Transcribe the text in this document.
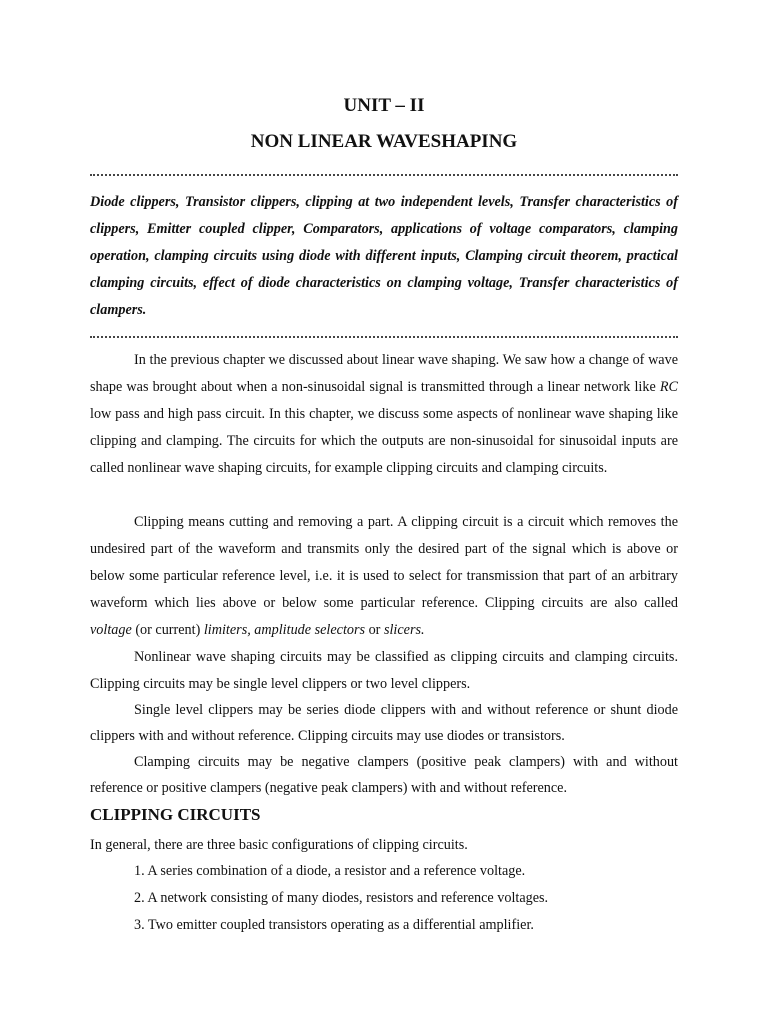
UNIT – II
NON LINEAR WAVESHAPING

Diode clippers, Transistor clippers, clipping at two independent levels, Transfer characteristics of clippers, Emitter coupled clipper, Comparators, applications of voltage comparators, clamping operation, clamping circuits using diode with different inputs, Clamping circuit theorem, practical clamping circuits, effect of diode characteristics on clamping voltage, Transfer characteristics of clampers.

In the previous chapter we discussed about linear wave shaping. We saw how a change of wave shape was brought about when a non-sinusoidal signal is transmitted through a linear network like RC low pass and high pass circuit. In this chapter, we discuss some aspects of nonlinear wave shaping like clipping and clamping. The circuits for which the outputs are non-sinusoidal for sinusoidal inputs are called nonlinear wave shaping circuits, for example clipping circuits and clamping circuits.

Clipping means cutting and removing a part. A clipping circuit is a circuit which removes the undesired part of the waveform and transmits only the desired part of the signal which is above or below some particular reference level, i.e. it is used to select for transmission that part of an arbitrary waveform which lies above or below some particular reference. Clipping circuits are also called voltage (or current) limiters, amplitude selectors or slicers.

Nonlinear wave shaping circuits may be classified as clipping circuits and clamping circuits. Clipping circuits may be single level clippers or two level clippers.

Single level clippers may be series diode clippers with and without reference or shunt diode clippers with and without reference. Clipping circuits may use diodes or transistors.

Clamping circuits may be negative clampers (positive peak clampers) with and without reference or positive clampers (negative peak clampers) with and without reference.

CLIPPING CIRCUITS

In general, there are three basic configurations of clipping circuits.

1. A series combination of a diode, a resistor and a reference voltage.
2. A network consisting of many diodes, resistors and reference voltages.
3. Two emitter coupled transistors operating as a differential amplifier.
